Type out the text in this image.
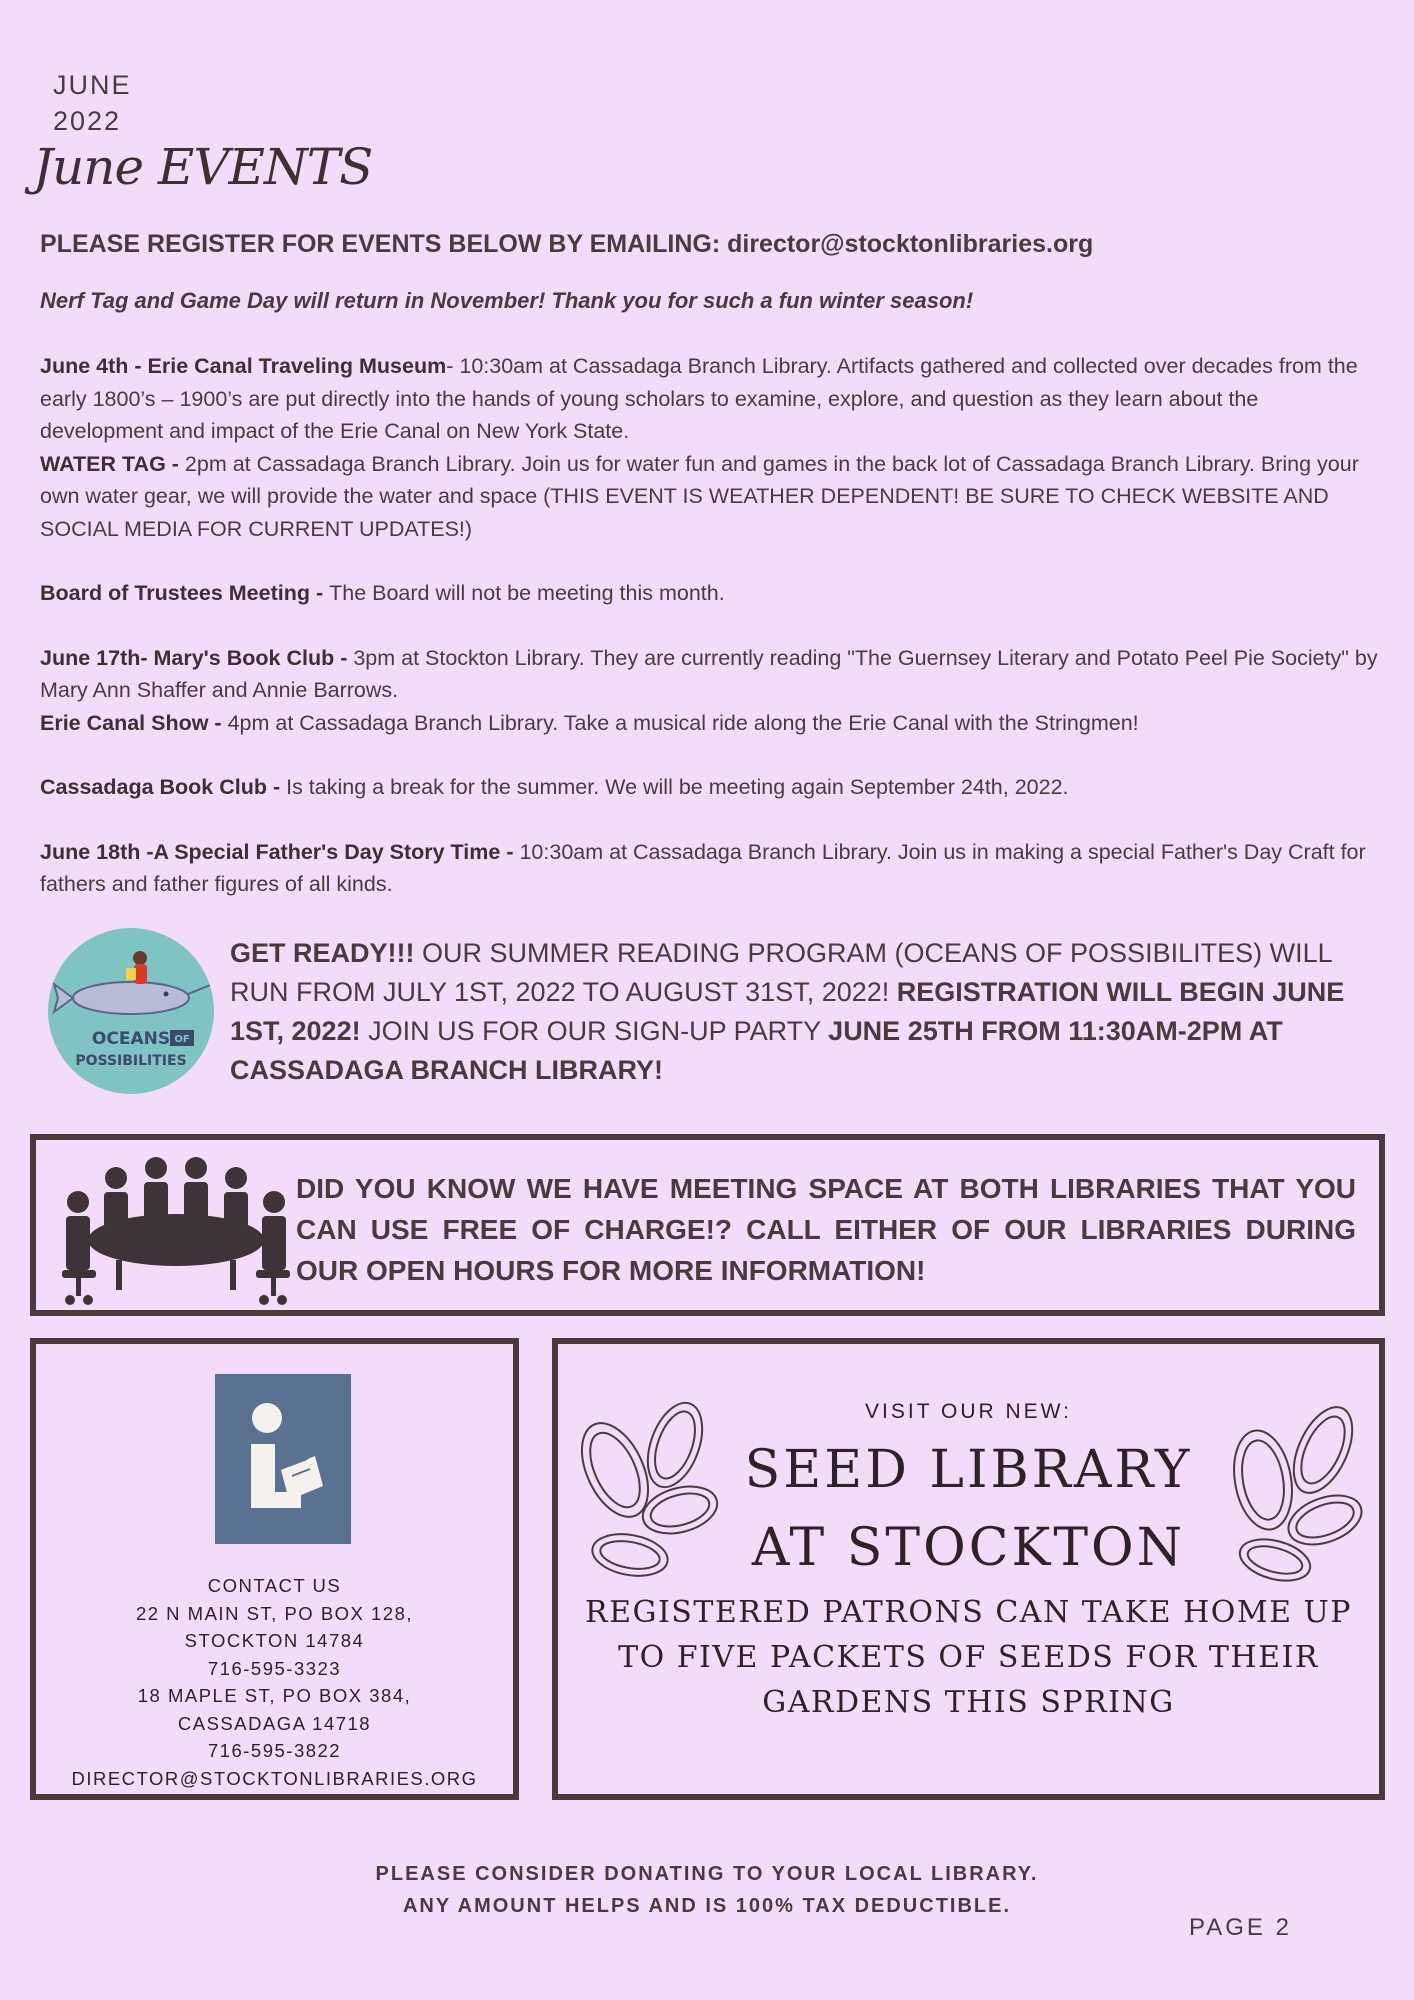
JUNE
2022
June EVENTS
PLEASE REGISTER FOR EVENTS BELOW BY EMAILING: director@stocktonlibraries.org
Nerf Tag and Game Day will return in November! Thank you for such a fun winter season!

June 4th - Erie Canal Traveling Museum- 10:30am at Cassadaga Branch Library. Artifacts gathered and collected over decades from the early 1800’s – 1900’s are put directly into the hands of young scholars to examine, explore, and question as they learn about the development and impact of the Erie Canal on New York State.

WATER TAG - 2pm at Cassadaga Branch Library. Join us for water fun and games in the back lot of Cassadaga Branch Library. Bring your own water gear, we will provide the water and space (THIS EVENT IS WEATHER DEPENDENT! BE SURE TO CHECK WEBSITE AND SOCIAL MEDIA FOR CURRENT UPDATES!)

Board of Trustees Meeting - The Board will not be meeting this month.

June 17th- Mary's Book Club - 3pm at Stockton Library. They are currently reading "The Guernsey Literary and Potato Peel Pie Society" by Mary Ann Shaffer and Annie Barrows.

Erie Canal Show - 4pm at Cassadaga Branch Library. Take a musical ride along the Erie Canal with the Stringmen!

Cassadaga Book Club - Is taking a break for the summer. We will be meeting again September 24th, 2022.

June 18th -A Special Father's Day Story Time - 10:30am at Cassadaga Branch Library. Join us in making a special Father's Day Craft for fathers and father figures of all kinds.

OCEANS OF
POSSIBILITIES
GET READY!!! OUR SUMMER READING PROGRAM (OCEANS OF POSSIBILITES) WILL RUN FROM JULY 1ST, 2022 TO AUGUST 31ST, 2022! REGISTRATION WILL BEGIN JUNE 1ST, 2022! JOIN US FOR OUR SIGN-UP PARTY JUNE 25TH FROM 11:30AM-2PM AT CASSADAGA BRANCH LIBRARY!
DID YOU KNOW WE HAVE MEETING SPACE AT BOTH LIBRARIES THAT YOU CAN USE FREE OF CHARGE!? CALL EITHER OF OUR LIBRARIES DURING OUR OPEN HOURS FOR MORE INFORMATION!
CONTACT US
22 N MAIN ST, PO BOX 128,
STOCKTON 14784
716-595-3323
18 MAPLE ST, PO BOX 384,
CASSADAGA 14718
716-595-3822
DIRECTOR@STOCKTONLIBRARIES.ORG
VISIT OUR NEW:
SEED LIBRARY
AT STOCKTON
REGISTERED PATRONS CAN TAKE HOME UP TO FIVE PACKETS OF SEEDS FOR THEIR GARDENS THIS SPRING
PLEASE CONSIDER DONATING TO YOUR LOCAL LIBRARY.
ANY AMOUNT HELPS AND IS 100% TAX DEDUCTIBLE.
PAGE 2
